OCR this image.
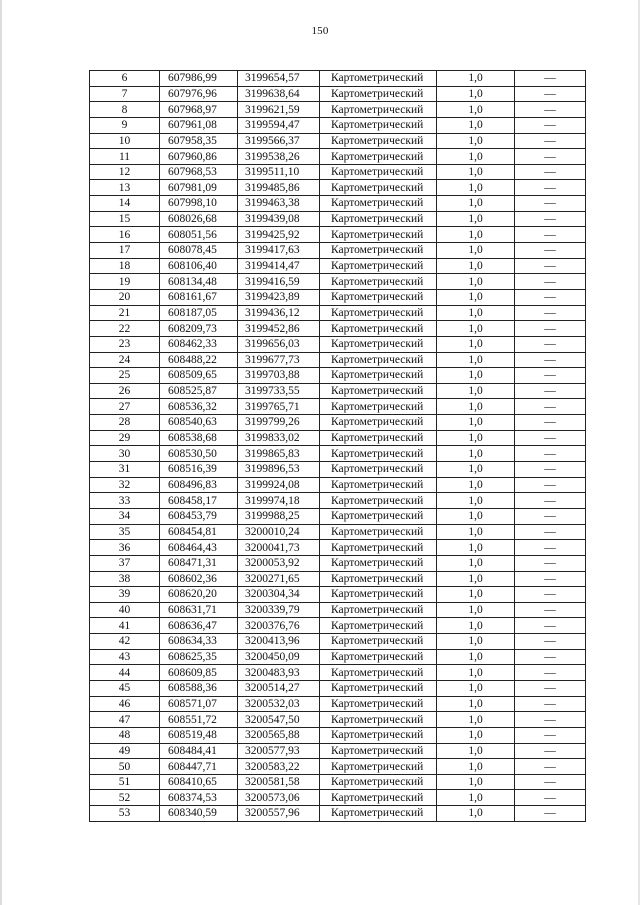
150
6	607986,99	3199654,57	Картометрический	1,0	—
7	607976,96	3199638,64	Картометрический	1,0	—
8	607968,97	3199621,59	Картометрический	1,0	—
9	607961,08	3199594,47	Картометрический	1,0	—
10	607958,35	3199566,37	Картометрический	1,0	—
11	607960,86	3199538,26	Картометрический	1,0	—
12	607968,53	3199511,10	Картометрический	1,0	—
13	607981,09	3199485,86	Картометрический	1,0	—
14	607998,10	3199463,38	Картометрический	1,0	—
15	608026,68	3199439,08	Картометрический	1,0	—
16	608051,56	3199425,92	Картометрический	1,0	—
17	608078,45	3199417,63	Картометрический	1,0	—
18	608106,40	3199414,47	Картометрический	1,0	—
19	608134,48	3199416,59	Картометрический	1,0	—
20	608161,67	3199423,89	Картометрический	1,0	—
21	608187,05	3199436,12	Картометрический	1,0	—
22	608209,73	3199452,86	Картометрический	1,0	—
23	608462,33	3199656,03	Картометрический	1,0	—
24	608488,22	3199677,73	Картометрический	1,0	—
25	608509,65	3199703,88	Картометрический	1,0	—
26	608525,87	3199733,55	Картометрический	1,0	—
27	608536,32	3199765,71	Картометрический	1,0	—
28	608540,63	3199799,26	Картометрический	1,0	—
29	608538,68	3199833,02	Картометрический	1,0	—
30	608530,50	3199865,83	Картометрический	1,0	—
31	608516,39	3199896,53	Картометрический	1,0	—
32	608496,83	3199924,08	Картометрический	1,0	—
33	608458,17	3199974,18	Картометрический	1,0	—
34	608453,79	3199988,25	Картометрический	1,0	—
35	608454,81	3200010,24	Картометрический	1,0	—
36	608464,43	3200041,73	Картометрический	1,0	—
37	608471,31	3200053,92	Картометрический	1,0	—
38	608602,36	3200271,65	Картометрический	1,0	—
39	608620,20	3200304,34	Картометрический	1,0	—
40	608631,71	3200339,79	Картометрический	1,0	—
41	608636,47	3200376,76	Картометрический	1,0	—
42	608634,33	3200413,96	Картометрический	1,0	—
43	608625,35	3200450,09	Картометрический	1,0	—
44	608609,85	3200483,93	Картометрический	1,0	—
45	608588,36	3200514,27	Картометрический	1,0	—
46	608571,07	3200532,03	Картометрический	1,0	—
47	608551,72	3200547,50	Картометрический	1,0	—
48	608519,48	3200565,88	Картометрический	1,0	—
49	608484,41	3200577,93	Картометрический	1,0	—
50	608447,71	3200583,22	Картометрический	1,0	—
51	608410,65	3200581,58	Картометрический	1,0	—
52	608374,53	3200573,06	Картометрический	1,0	—
53	608340,59	3200557,96	Картометрический	1,0	—
